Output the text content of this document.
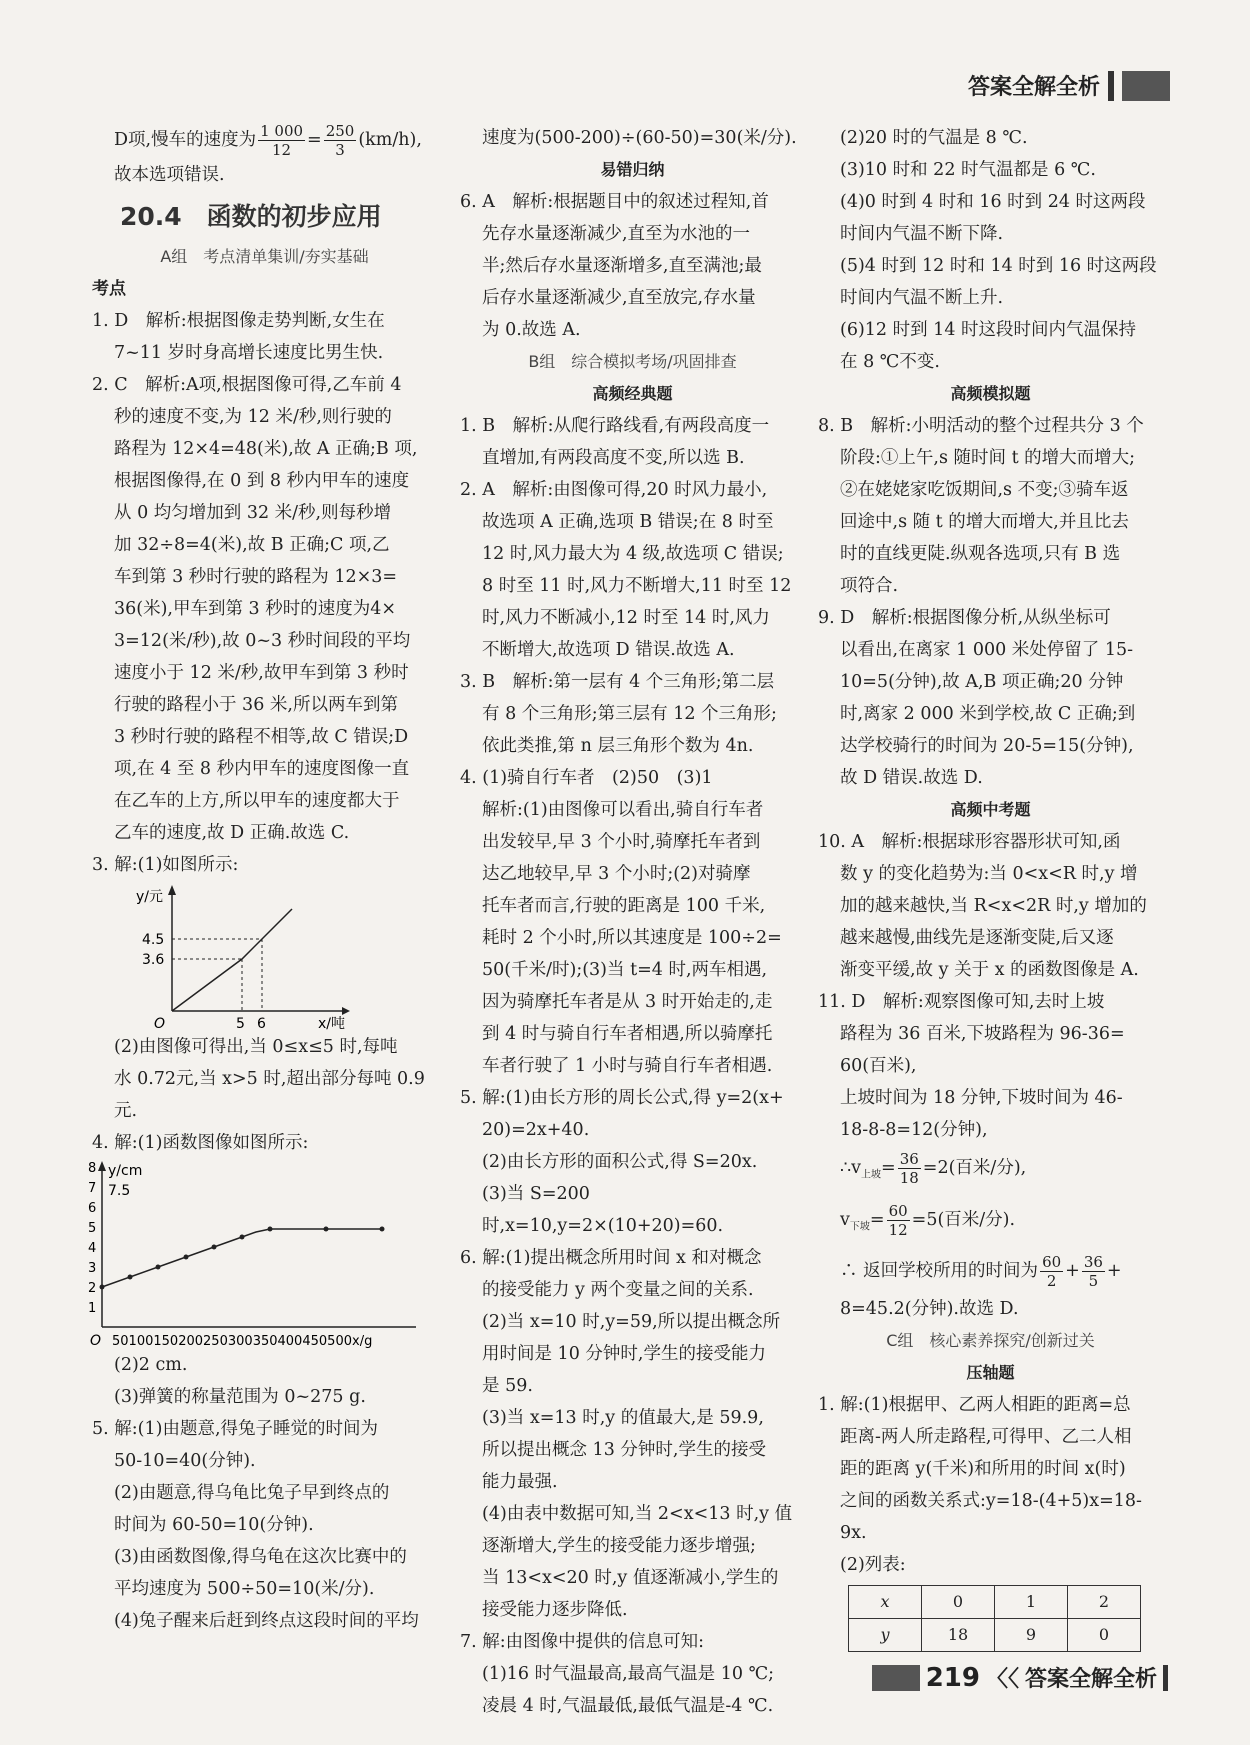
答案全解全析

D项,慢车的速度为 $\frac{1 000}{12} = \frac{250}{3} (km/h)$,

故本选项错误.

20.4　函数的初步应用
A组　考点清单集训/夯实基础
考点

1. D　解析:根据图像走势判断,女生在

7~11 岁时身高增长速度比男生快.

2. C　解析:A项,根据图像可得,乙车前 4

秒的速度不变,为 12 米/秒,则行驶的

路程为 12×4=48(米),故 A 正确;B 项,

根据图像得,在 0 到 8 秒内甲车的速度

从 0 均匀增加到 32 米/秒,则每秒增

加 32÷8=4(米),故 B 正确;C 项,乙

车到第 3 秒时行驶的路程为 12×3=

36(米),甲车到第 3 秒时的速度为4×

3=12(米/秒),故 0~3 秒时间段的平均

速度小于 12 米/秒,故甲车到第 3 秒时

行驶的路程小于 36 米,所以两车到第

3 秒时行驶的路程不相等,故 C 错误;D

项,在 4 至 8 秒内甲车的速度图像一直

在乙车的上方,所以甲车的速度都大于

乙车的速度,故 D 正确.故选 C.

3. 解:(1)如图所示:

y/元
x/吨
O
4.5
3.6
5 6

(2)由图像可得出,当 0≤x≤5 时,每吨

水 0.72元,当 x>5 时,超出部分每吨 0.9元.

4. 解:(1)函数图像如图所示:

y/cm
7.5
O
1
2
3
4
5
6
7
8
50100150200250300350400450500x/g

(2)2 cm.

(3)弹簧的称量范围为 0~275 g.

5. 解:(1)由题意,得兔子睡觉的时间为

50-10=40(分钟).

(2)由题意,得乌龟比兔子早到终点的

时间为 60-50=10(分钟).

(3)由函数图像,得乌龟在这次比赛中的

平均速度为 500÷50=10(米/分).

(4)兔子醒来后赶到终点这段时间的平均

速度为(500-200)÷(60-50)=30(米/分).

易错归纳

6. A　解析:根据题目中的叙述过程知,首

先存水量逐渐减少,直至为水池的一

半;然后存水量逐渐增多,直至满池;最

后存水量逐渐减少,直至放完,存水量

为 0.故选 A.

B组　综合模拟考场/巩固排查
高频经典题

1. B　解析:从爬行路线看,有两段高度一

直增加,有两段高度不变,所以选 B.

2. A　解析:由图像可得,20 时风力最小,

故选项 A 正确,选项 B 错误;在 8 时至

12 时,风力最大为 4 级,故选项 C 错误;

8 时至 11 时,风力不断增大,11 时至 12

时,风力不断减小,12 时至 14 时,风力

不断增大,故选项 D 错误.故选 A.

3. B　解析:第一层有 4 个三角形;第二层

有 8 个三角形;第三层有 12 个三角形;

依此类推,第 n 层三角形个数为 4n.

4. (1)骑自行车者　(2)50　(3)1

解析:(1)由图像可以看出,骑自行车者

出发较早,早 3 个小时,骑摩托车者到

达乙地较早,早 3 个小时;(2)对骑摩

托车者而言,行驶的距离是 100 千米,

耗时 2 个小时,所以其速度是 100÷2=

50(千米/时);(3)当 t=4 时,两车相遇,

因为骑摩托车者是从 3 时开始走的,走

到 4 时与骑自行车者相遇,所以骑摩托

车者行驶了 1 小时与骑自行车者相遇.

5. 解:(1)由长方形的周长公式,得 y=2(x+

20)=2x+40.

(2)由长方形的面积公式,得 S=20x.

(3)当 S=200 时,x=10,y=2×(10+20)=60.

6. 解:(1)提出概念所用时间 x 和对概念

的接受能力 y 两个变量之间的关系.

(2)当 x=10 时,y=59,所以提出概念所

用时间是 10 分钟时,学生的接受能力

是 59.

(3)当 x=13 时,y 的值最大,是 59.9,

所以提出概念 13 分钟时,学生的接受

能力最强.

(4)由表中数据可知,当 2<x<13 时,y 值

逐渐增大,学生的接受能力逐步增强;

当 13<x<20 时,y 值逐渐减小,学生的

接受能力逐步降低.

7. 解:由图像中提供的信息可知:

(1)16 时气温最高,最高气温是 10 ℃;

凌晨 4 时,气温最低,最低气温是-4 ℃.

(2)20 时的气温是 8 ℃.

(3)10 时和 22 时气温都是 6 ℃.

(4)0 时到 4 时和 16 时到 24 时这两段

时间内气温不断下降.

(5)4 时到 12 时和 14 时到 16 时这两段

时间内气温不断上升.

(6)12 时到 14 时这段时间内气温保持

在 8 ℃不变.

高频模拟题

8. B　解析:小明活动的整个过程共分 3 个

阶段:①上午,s 随时间 t 的增大而增大;

②在姥姥家吃饭期间,s 不变;③骑车返

回途中,s 随 t 的增大而增大,并且比去

时的直线更陡.纵观各选项,只有 B 选

项符合.

9. D　解析:根据图像分析,从纵坐标可

以看出,在离家 1 000 米处停留了 15-

10=5(分钟),故 A,B 项正确;20 分钟

时,离家 2 000 米到学校,故 C 正确;到

达学校骑行的时间为 20-5=15(分钟),

故 D 错误.故选 D.

高频中考题

10. A　解析:根据球形容器形状可知,函

数 y 的变化趋势为:当 0<x<R 时,y 增

加的越来越快,当 R<x<2R 时,y 增加的

越来越慢,曲线先是逐渐变陡,后又逐

渐变平缓,故 y 关于 x 的函数图像是 A.

11. D　解析:观察图像可知,去时上坡

路程为 36 百米,下坡路程为 96-36=

60(百米),

上坡时间为 18 分钟,下坡时间为 46-

18-8-8=12(分钟),

$\therefore v_{上坡}= \frac{36}{18} =2$(百米/分),

$v_{下坡}= \frac{60}{12} =5$(百米/分).

∴ 返回学校所用的时间为 $\frac{60}{2} + \frac{36}{5}$ +

8=45.2(分钟).故选 D.

C组　核心素养探究/创新过关
压轴题

1. 解:(1)根据甲、乙两人相距的距离=总

距离-两人所走路程,可得甲、乙二人相

距的距离 y(千米)和所用的时间 x(时)

之间的函数关系式:y=18-(4+5)x=18-

9x.

(2)列表:

x	0	1	2
y	18	9	0
219 〈〈 答案全解全析
